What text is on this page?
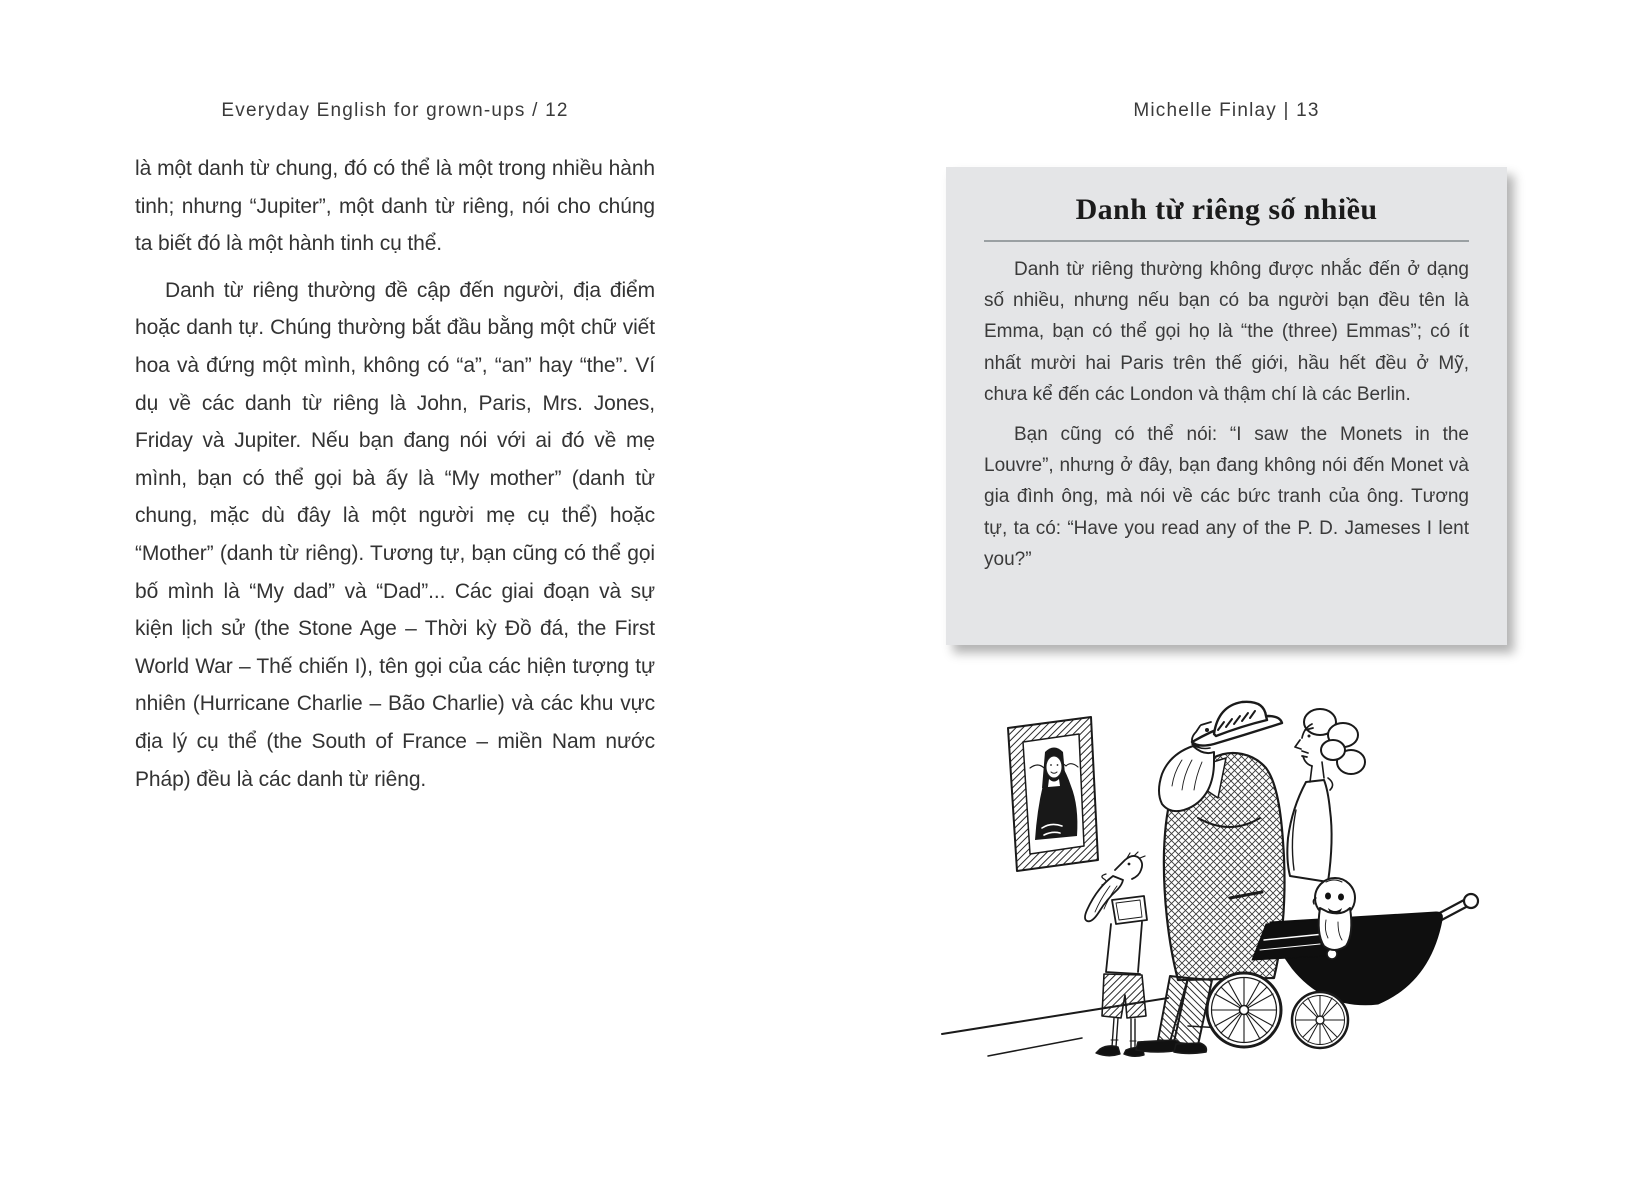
Everyday English for grown-ups / 12

là một danh từ chung, đó có thể là một trong nhiều hành tinh; nhưng “Jupiter”, một danh từ riêng, nói cho chúng ta biết đó là một hành tinh cụ thể.

Danh từ riêng thường đề cập đến người, địa điểm hoặc danh tự. Chúng thường bắt đầu bằng một chữ viết hoa và đứng một mình, không có “a”, “an” hay “the”. Ví dụ về các danh từ riêng là John, Paris, Mrs. Jones, Friday và Jupiter. Nếu bạn đang nói với ai đó về mẹ mình, bạn có thể gọi bà ấy là “My mother” (danh từ chung, mặc dù đây là một người mẹ cụ thể) hoặc “Mother” (danh từ riêng). Tương tự, bạn cũng có thể gọi bố mình là “My dad” và “Dad”... Các giai đoạn và sự kiện lịch sử (the Stone Age – Thời kỳ Đồ đá, the First World War – Thế chiến I), tên gọi của các hiện tượng tự nhiên (Hurricane Charlie – Bão Charlie) và các khu vực địa lý cụ thể (the South of France – miền Nam nước Pháp) đều là các danh từ riêng.

Michelle Finlay | 13
Danh từ riêng số nhiều

Danh từ riêng thường không được nhắc đến ở dạng số nhiều, nhưng nếu bạn có ba người bạn đều tên là Emma, bạn có thể gọi họ là “the (three) Emmas”; có ít nhất mười hai Paris trên thế giới, hầu hết đều ở Mỹ, chưa kể đến các London và thậm chí là các Berlin.

Bạn cũng có thể nói: “I saw the Monets in the Louvre”, nhưng ở đây, bạn đang không nói đến Monet và gia đình ông, mà nói về các bức tranh của ông. Tương tự, ta có: “Have you read any of the P. D. Jameses I lent you?”
